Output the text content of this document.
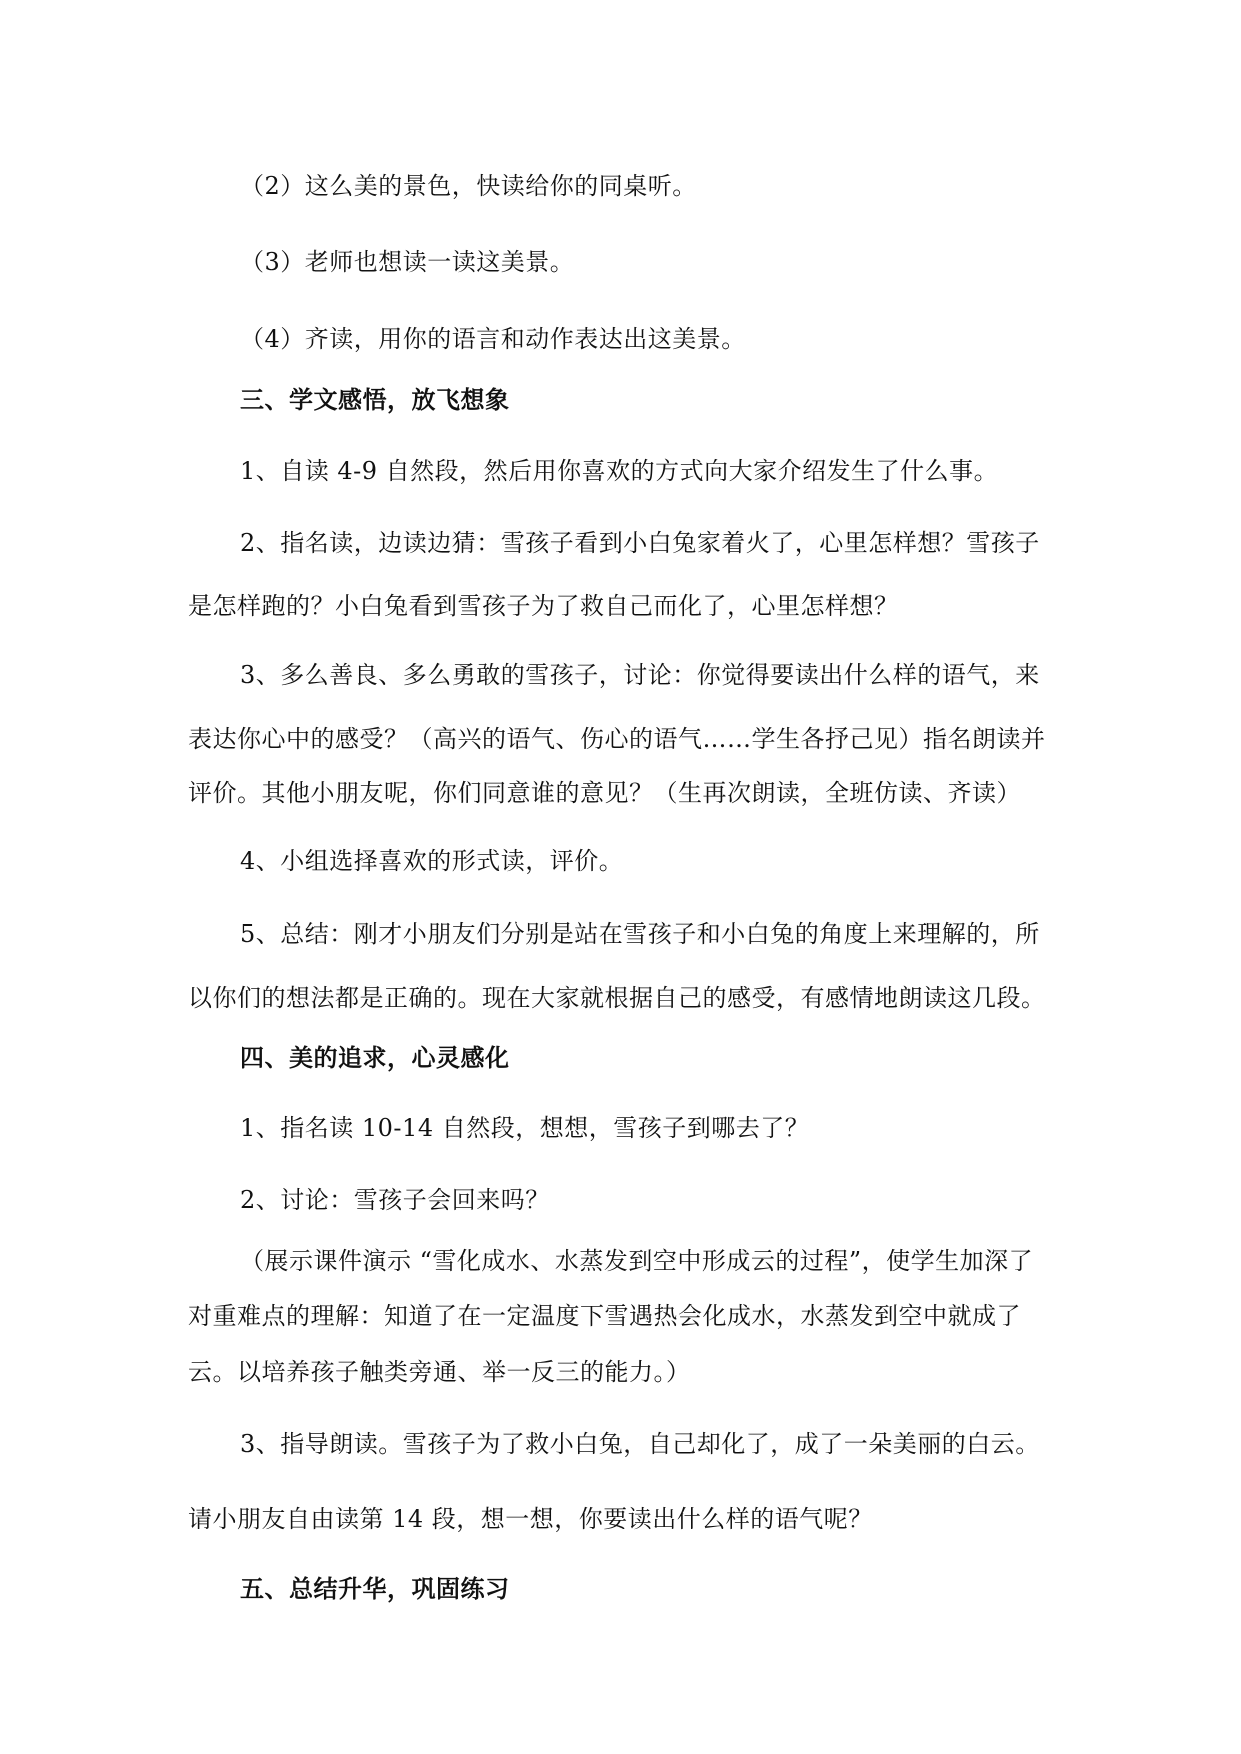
（2）这么美的景色，快读给你的同桌听。
（3）老师也想读一读这美景。
（4）齐读，用你的语言和动作表达出这美景。
三、学文感悟，放飞想象
1、自读 4-9 自然段，然后用你喜欢的方式向大家介绍发生了什么事。
2、指名读，边读边猜：雪孩子看到小白兔家着火了，心里怎样想？雪孩子
是怎样跑的？小白兔看到雪孩子为了救自己而化了，心里怎样想？
3、多么善良、多么勇敢的雪孩子，讨论：你觉得要读出什么样的语气，来
表达你心中的感受？（高兴的语气、伤心的语气……学生各抒己见）指名朗读并
评价。其他小朋友呢，你们同意谁的意见？（生再次朗读，全班仿读、齐读）
4、小组选择喜欢的形式读，评价。
5、总结：刚才小朋友们分别是站在雪孩子和小白兔的角度上来理解的，所
以你们的想法都是正确的。现在大家就根据自己的感受，有感情地朗读这几段。
四、美的追求，心灵感化
1、指名读 10-14 自然段，想想，雪孩子到哪去了？
2、讨论：雪孩子会回来吗？
（展示课件演示 “雪化成水、水蒸发到空中形成云的过程”，使学生加深了
对重难点的理解：知道了在一定温度下雪遇热会化成水，水蒸发到空中就成了
云。以培养孩子触类旁通、举一反三的能力。）
3、指导朗读。雪孩子为了救小白兔，自己却化了，成了一朵美丽的白云。
请小朋友自由读第 14 段，想一想，你要读出什么样的语气呢？
五、总结升华，巩固练习
